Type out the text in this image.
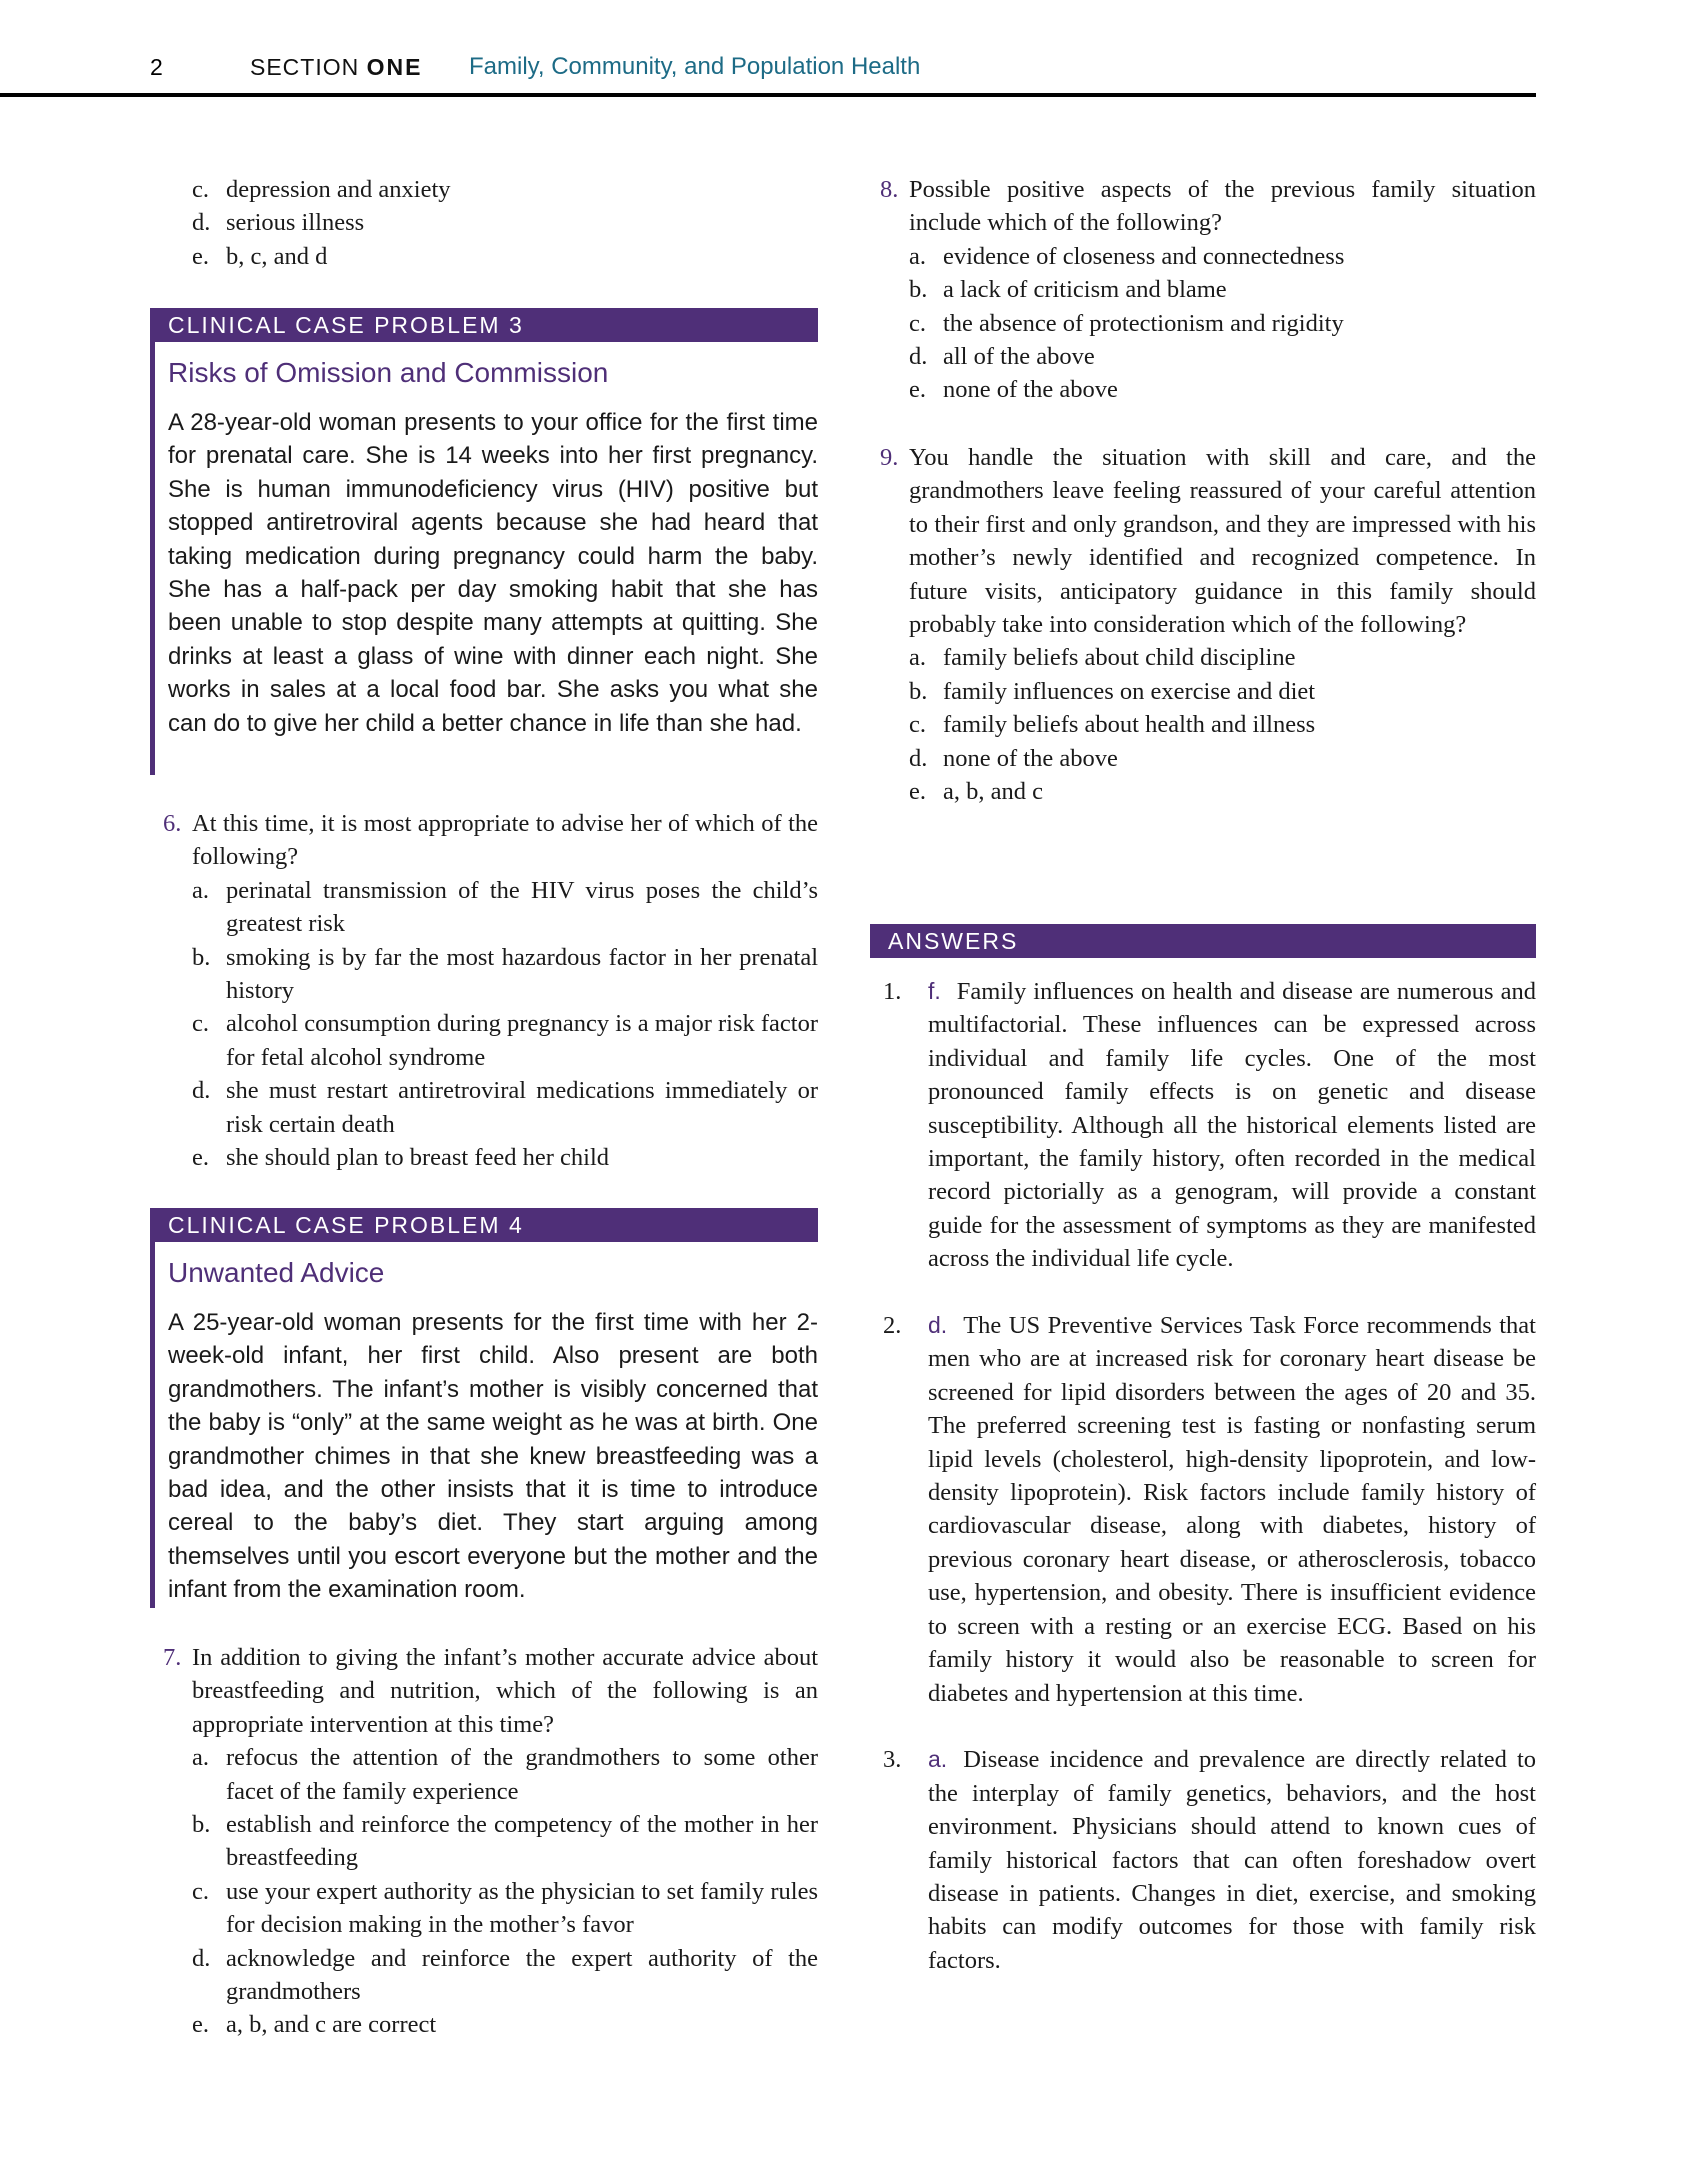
2	SECTION ONE Family, Community, and Population Health
c. depression and anxiety
d. serious illness
e. b, c, and d
CLINICAL CASE PROBLEM 3
Risks of Omission and Commission
A 28-year-old woman presents to your office for the first time for prenatal care. She is 14 weeks into her first pregnancy. She is human immunodeficiency virus (HIV) positive but stopped antiretroviral agents because she had heard that taking medication during pregnancy could harm the baby. She has a half-pack per day smoking habit that she has been unable to stop despite many attempts at quitting. She drinks at least a glass of wine with dinner each night. She works in sales at a local food bar. She asks you what she can do to give her child a better chance in life than she had.
6. At this time, it is most appropriate to advise her of which of the following?
a. perinatal transmission of the HIV virus poses the child’s greatest risk
b. smoking is by far the most hazardous factor in her prenatal history
c. alcohol consumption during pregnancy is a major risk factor for fetal alcohol syndrome
d. she must restart antiretroviral medications immediately or risk certain death
e. she should plan to breast feed her child
CLINICAL CASE PROBLEM 4
Unwanted Advice
A 25-year-old woman presents for the first time with her 2-week-old infant, her first child. Also present are both grandmothers. The infant’s mother is visibly concerned that the baby is “only” at the same weight as he was at birth. One grandmother chimes in that she knew breastfeeding was a bad idea, and the other insists that it is time to introduce cereal to the baby’s diet. They start arguing among themselves until you escort everyone but the mother and the infant from the examination room.
7. In addition to giving the infant’s mother accurate advice about breastfeeding and nutrition, which of the following is an appropriate intervention at this time?
a. refocus the attention of the grandmothers to some other facet of the family experience
b. establish and reinforce the competency of the mother in her breastfeeding
c. use your expert authority as the physician to set family rules for decision making in the mother’s favor
d. acknowledge and reinforce the expert authority of the grandmothers
e. a, b, and c are correct
8. Possible positive aspects of the previous family situation include which of the following?
a. evidence of closeness and connectedness
b. a lack of criticism and blame
c. the absence of protectionism and rigidity
d. all of the above
e. none of the above
9. You handle the situation with skill and care, and the grandmothers leave feeling reassured of your careful attention to their first and only grandson, and they are impressed with his mother’s newly identified and recognized competence. In future visits, anticipatory guidance in this family should probably take into consideration which of the following?
a. family beliefs about child discipline
b. family influences on exercise and diet
c. family beliefs about health and illness
d. none of the above
e. a, b, and c
ANSWERS
1. f. Family influences on health and disease are numerous and multifactorial. These influences can be expressed across individual and family life cycles. One of the most pronounced family effects is on genetic and disease susceptibility. Although all the historical elements listed are important, the family history, often recorded in the medical record pictorially as a genogram, will provide a constant guide for the assessment of symptoms as they are manifested across the individual life cycle.
2. d. The US Preventive Services Task Force recommends that men who are at increased risk for coronary heart disease be screened for lipid disorders between the ages of 20 and 35. The preferred screening test is fasting or nonfasting serum lipid levels (cholesterol, high-density lipoprotein, and low-density lipoprotein). Risk factors include family history of cardiovascular disease, along with diabetes, history of previous coronary heart disease, or atherosclerosis, tobacco use, hypertension, and obesity. There is insufficient evidence to screen with a resting or an exercise ECG. Based on his family history it would also be reasonable to screen for diabetes and hypertension at this time.
3. a. Disease incidence and prevalence are directly related to the interplay of family genetics, behaviors, and the host environment. Physicians should attend to known cues of family historical factors that can often foreshadow overt disease in patients. Changes in diet, exercise, and smoking habits can modify outcomes for those with family risk factors.
